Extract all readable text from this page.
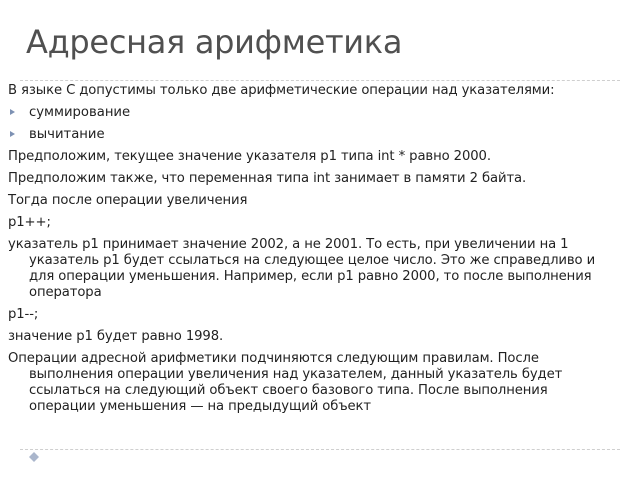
Адресная арифметика
В языке С допустимы только две арифметические операции над указателями:
суммирование
вычитание
Предположим, текущее значение указателя p1 типа int * равно 2000.
Предположим также, что переменная типа int занимает в памяти 2 байта.
Тогда после операции увеличения
p1++;
указатель p1 принимает значение 2002, а не 2001. То есть, при увеличении на 1 указатель p1 будет ссылаться на следующее целое число. Это же справедливо и для операции уменьшения. Например, если p1 равно 2000, то после выполнения оператора
p1--;
значение p1 будет равно 1998.
Операции адресной арифметики подчиняются следующим правилам. После выполнения операции увеличения над указателем, данный указатель будет ссылаться на следующий объект своего базового типа. После выполнения операции уменьшения — на предыдущий объект
